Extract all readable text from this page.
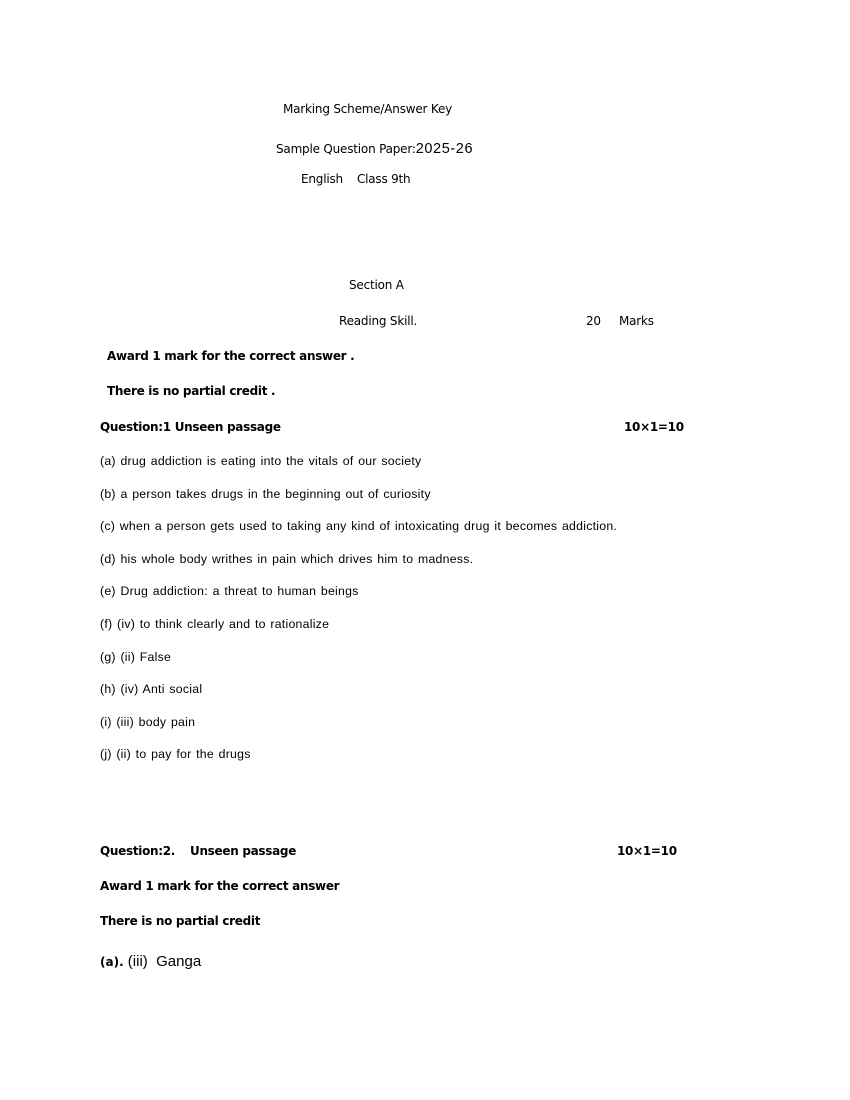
Marking Scheme/Answer Key
Sample Question Paper:2025-26
English Class 9th
Section A
Reading Skill.	20 Marks
Award 1 mark for the correct answer .
There is no partial credit .
Question:1 Unseen passage	10×1=10
(a) drug addiction is eating into the vitals of our society
(b) a person takes drugs in the beginning out of curiosity
(c) when a person gets used to taking any kind of intoxicating drug it becomes addiction.
(d) his whole body writhes in pain which drives him to madness.
(e) Drug addiction: a threat to human beings
(f) (iv) to think clearly and to rationalize
(g) (ii) False
(h) (iv) Anti social
(i) (iii) body pain
(j) (ii) to pay for the drugs
Question:2. Unseen passage	10×1=10
Award 1 mark for the correct answer
There is no partial credit
(a). (iii)  Ganga
